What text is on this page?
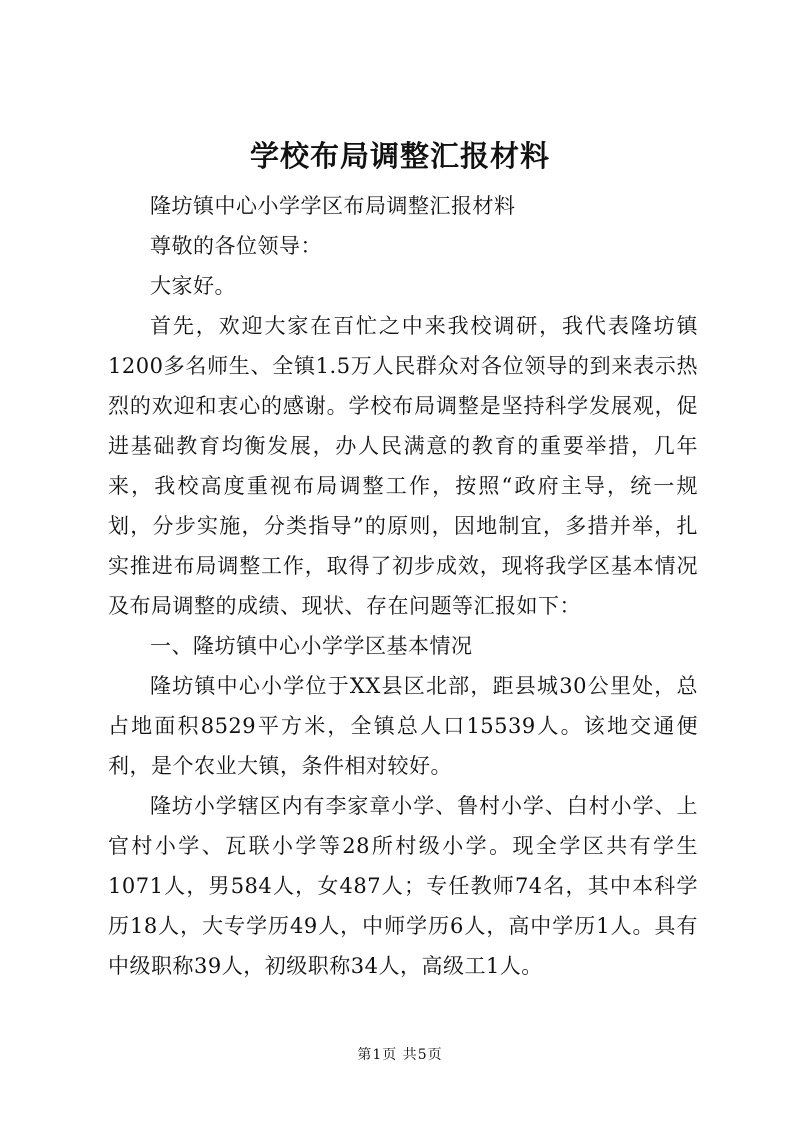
学校布局调整汇报材料

隆坊镇中心小学学区布局调整汇报材料

尊敬的各位领导：

大家好。

首先，欢迎大家在百忙之中来我校调研，我代表隆坊镇1200多名师生、全镇1.5万人民群众对各位领导的到来表示热烈的欢迎和衷心的感谢。学校布局调整是坚持科学发展观，促进基础教育均衡发展，办人民满意的教育的重要举措，几年来，我校高度重视布局调整工作，按照“政府主导，统一规划，分步实施，分类指导”的原则，因地制宜，多措并举，扎实推进布局调整工作，取得了初步成效，现将我学区基本情况及布局调整的成绩、现状、存在问题等汇报如下：

一、隆坊镇中心小学学区基本情况

隆坊镇中心小学位于XX县区北部，距县城30公里处，总占地面积8529平方米，全镇总人口15539人。该地交通便利，是个农业大镇，条件相对较好。

隆坊小学辖区内有李家章小学、鲁村小学、白村小学、上官村小学、瓦联小学等28所村级小学。现全学区共有学生1071人，男584人，女487人；专任教师74名，其中本科学历18人，大专学历49人，中师学历6人，高中学历1人。具有中级职称39人，初级职称34人，高级工1人。

第1页 共5页
